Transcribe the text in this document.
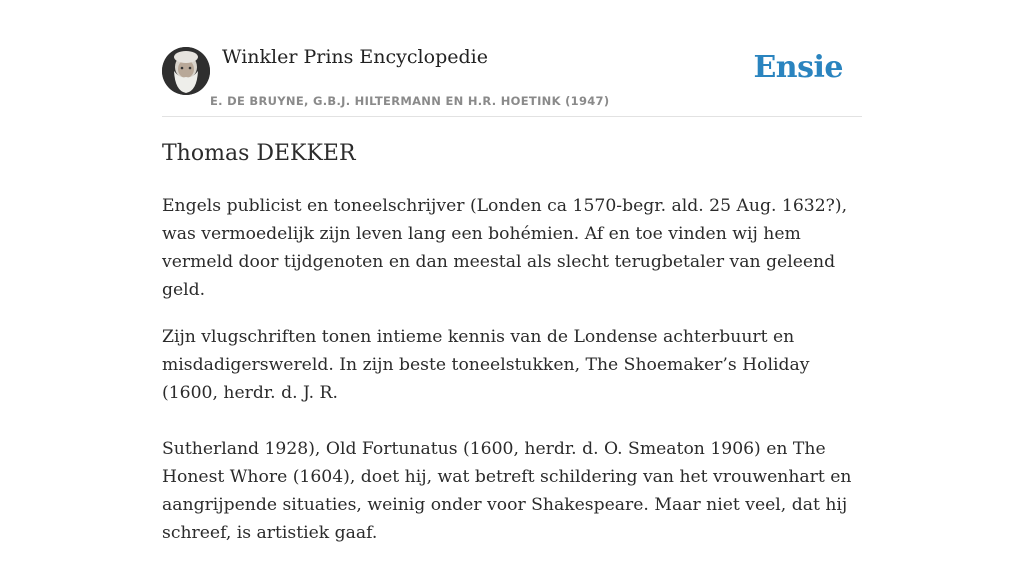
Winkler Prins Encyclopedie
E. DE BRUYNE, G.B.J. HILTERMANN EN H.R. HOETINK (1947)
Ensie
Thomas DEKKER

Engels publicist en toneelschrijver (Londen ca 1570-begr. ald. 25 Aug. 1632?), was vermoedelijk zijn leven lang een bohémien. Af en toe vinden wij hem vermeld door tijdgenoten en dan meestal als slecht terugbetaler van geleend geld.

Zijn vlugschriften tonen intieme kennis van de Londense achterbuurt en misdadigerswereld. In zijn beste toneelstukken, The Shoemaker’s Holiday (1600, herdr. d. J. R.

Sutherland 1928), Old Fortunatus (1600, herdr. d. O. Smeaton 1906) en The Honest Whore (1604), doet hij, wat betreft schildering van het vrouwenhart en aangrijpende situaties, weinig onder voor Shakespeare. Maar niet veel, dat hij schreef, is artistiek gaaf.
